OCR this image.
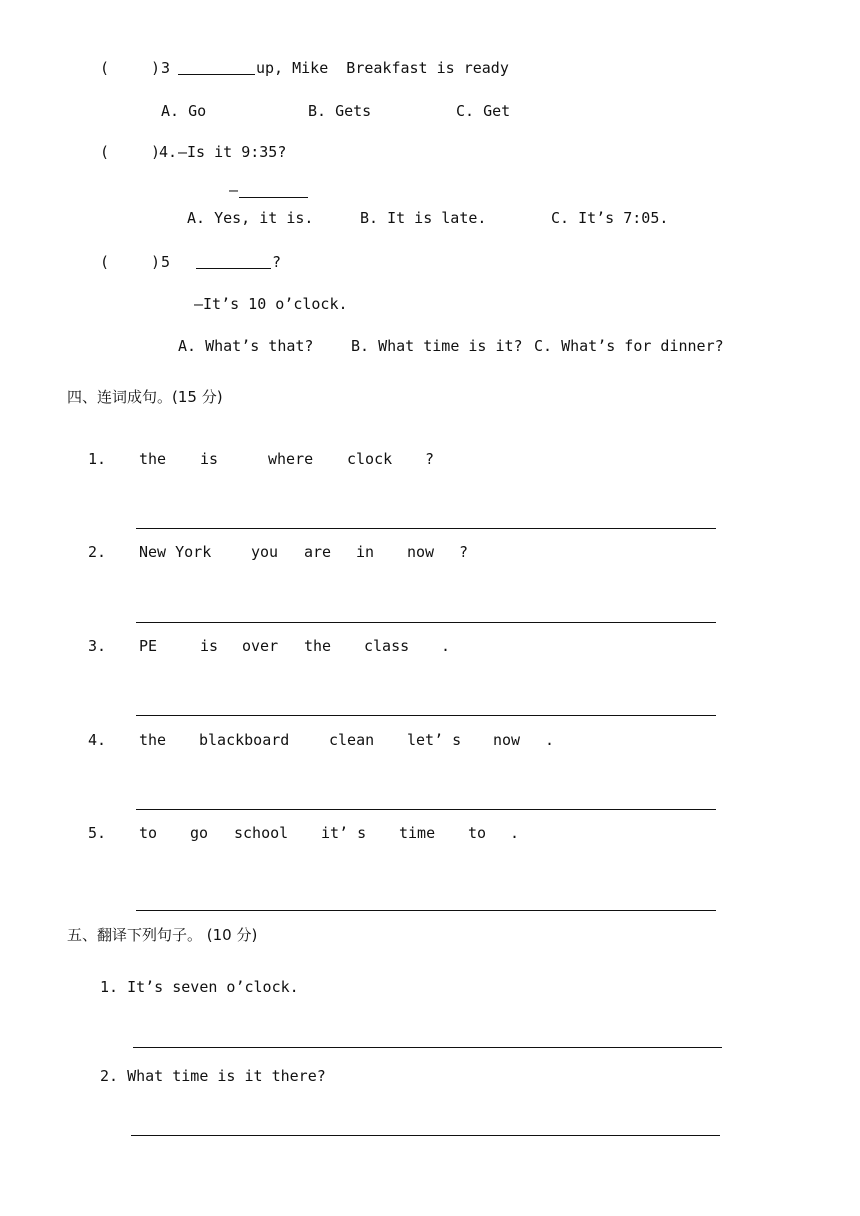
(	) 3	up, Mike  Breakfast is ready
A. Go	B. Gets	C. Get
(	)
4. —Is it 9:35?
–
A. Yes, it is.	B. It is late.	C. It’s 7:05.
(	) 5	?
—It’s 10 o’clock.
A. What’s that?	B. What time is it? C. What’s for dinner?
四、连词成句。(15 分)
1. the is	where clock ?
2. New York	you are in now ?
3. PE	is over the class .
4. the blackboard	clean let’ s now .
5. to go school it’ s time to .
五、翻译下列句子。 (10 分)
1. It’s seven o’clock.
2. What time is it there?
